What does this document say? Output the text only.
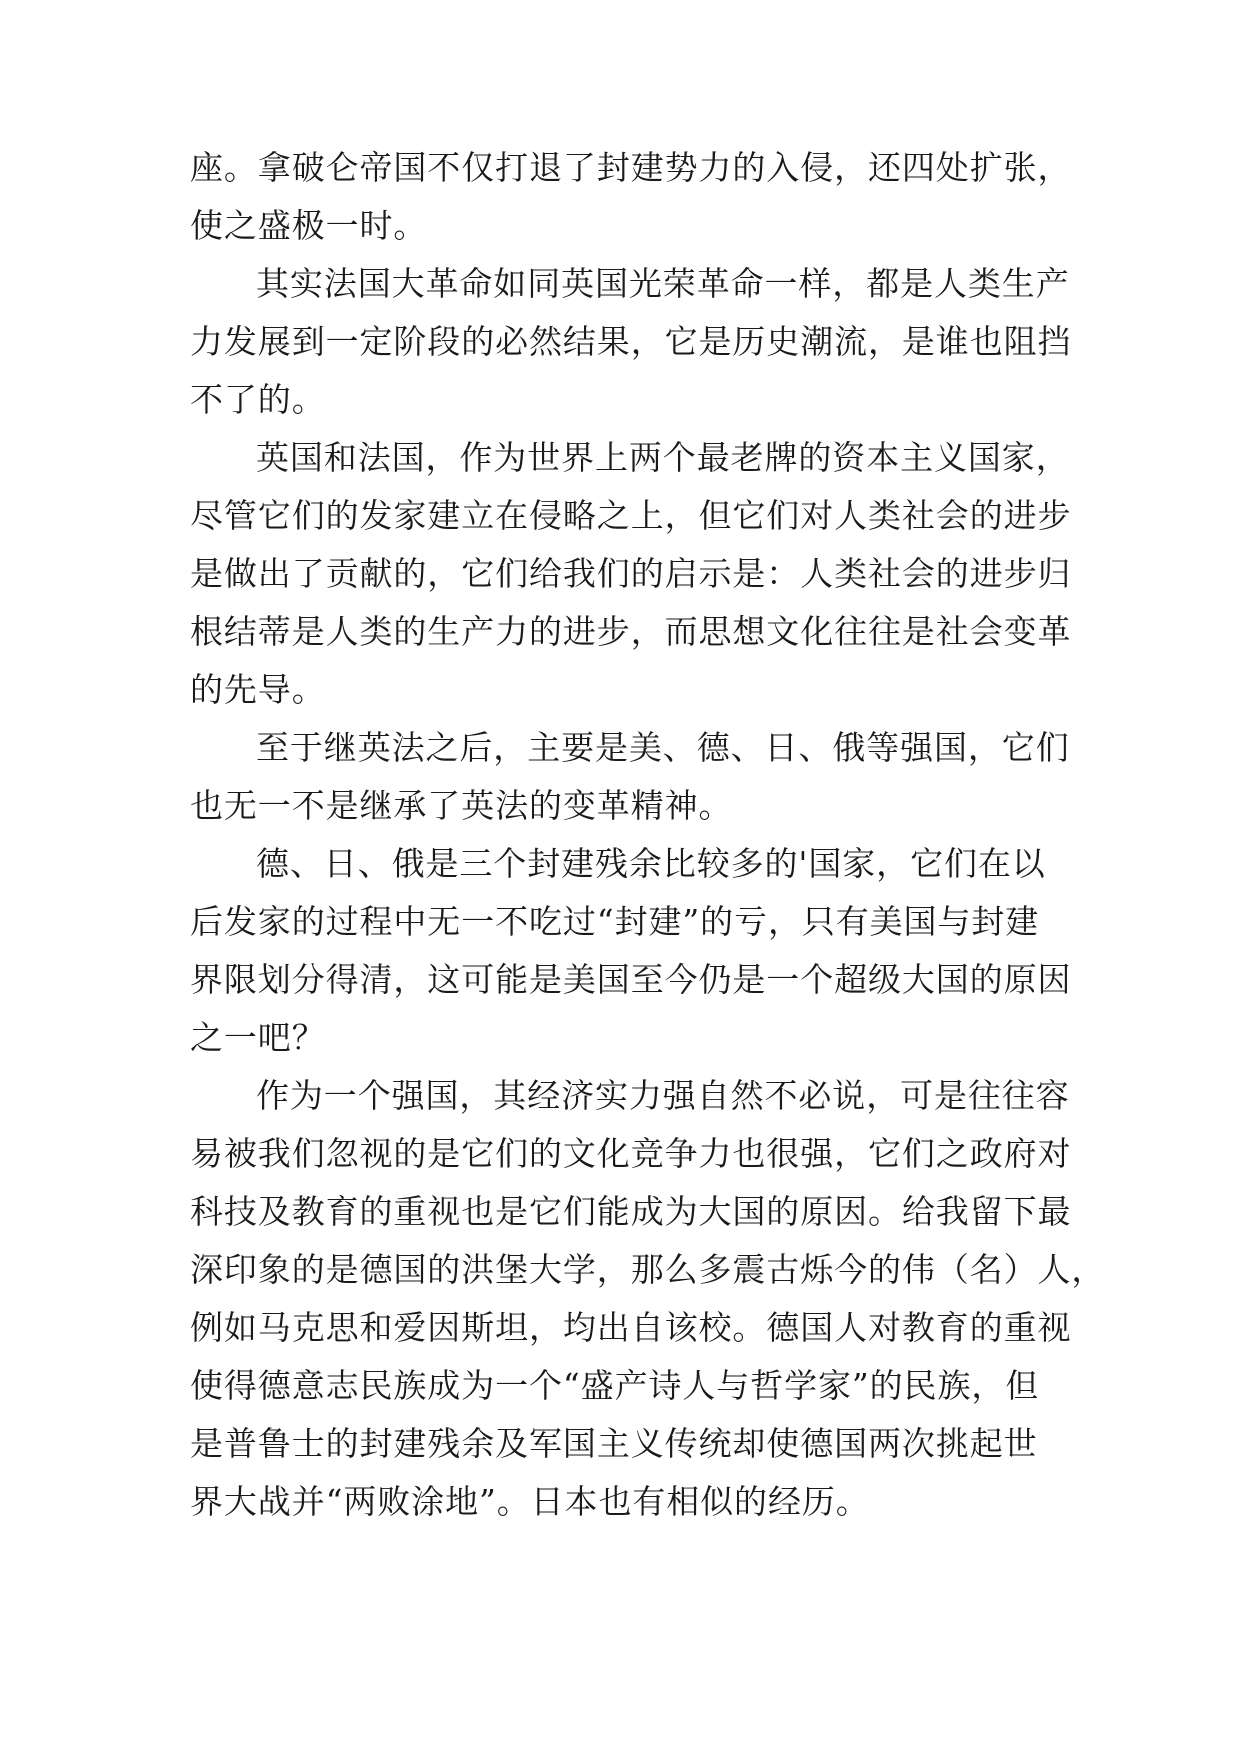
座。拿破仑帝国不仅打退了封建势力的入侵，还四处扩张，
使之盛极一时。
其实法国大革命如同英国光荣革命一样，都是人类生产
力发展到一定阶段的必然结果，它是历史潮流，是谁也阻挡
不了的。
英国和法国，作为世界上两个最老牌的资本主义国家，
尽管它们的发家建立在侵略之上，但它们对人类社会的进步
是做出了贡献的，它们给我们的启示是：人类社会的进步归
根结蒂是人类的生产力的进步，而思想文化往往是社会变革
的先导。
至于继英法之后，主要是美、德、日、俄等强国，它们
也无一不是继承了英法的变革精神。
德、日、俄是三个封建残余比较多的'国家，它们在以
后发家的过程中无一不吃过“封建”的亏，只有美国与封建
界限划分得清，这可能是美国至今仍是一个超级大国的原因
之一吧？
作为一个强国，其经济实力强自然不必说，可是往往容
易被我们忽视的是它们的文化竞争力也很强，它们之政府对
科技及教育的重视也是它们能成为大国的原因。给我留下最
深印象的是德国的洪堡大学，那么多震古烁今的伟（名）人，
例如马克思和爱因斯坦，均出自该校。德国人对教育的重视
使得德意志民族成为一个“盛产诗人与哲学家”的民族，但
是普鲁士的封建残余及军国主义传统却使德国两次挑起世
界大战并“两败涂地”。日本也有相似的经历。
